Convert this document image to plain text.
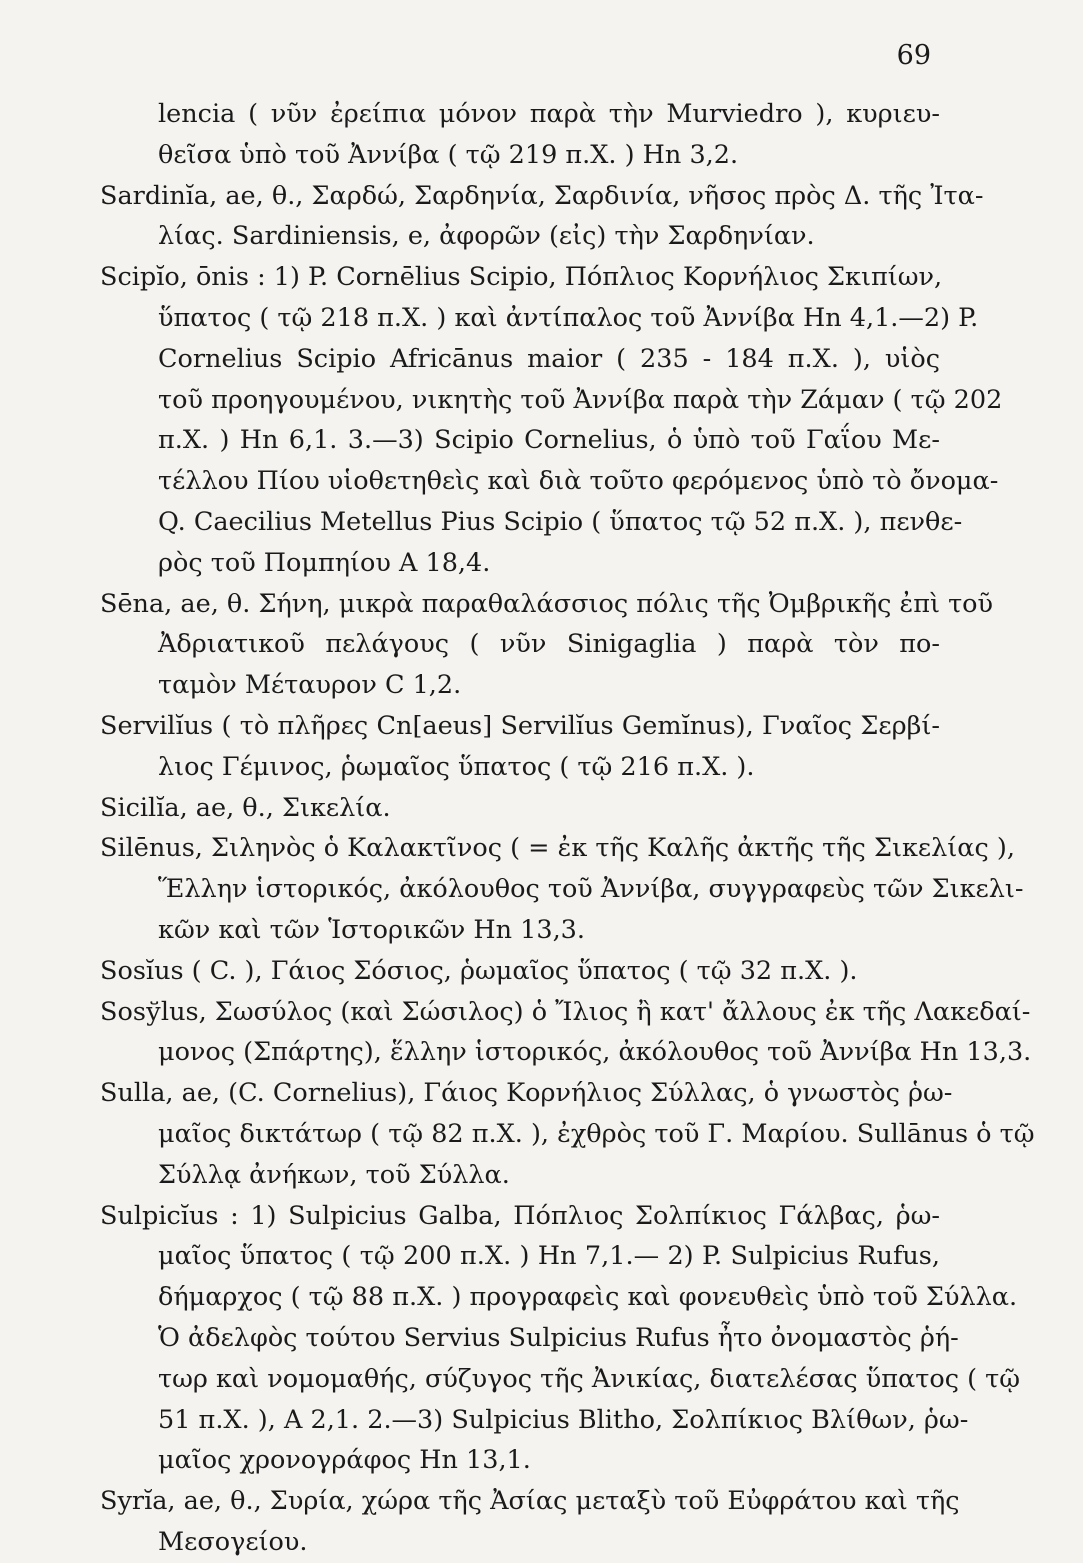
69
lencia ( νῦν ἐρείπια μόνον παρὰ τὴν Murviedro ), κυριευ-
θεῖσα ὑπὸ τοῦ Ἀννίβα ( τῷ 219 π.Χ. ) Hn 3,2.
Sardinĭa, ae, θ., Σαρδώ, Σαρδηνία, Σαρδινία, νῆσος πρὸς Δ. τῆς Ἰτα-
λίας. Sardiniensis, e, ἀφορῶν (εἰς) τὴν Σαρδηνίαν.
Scipĭo, ōnis : 1) P. Cornēlius Scipio, Πόπλιος Κορνήλιος Σκιπίων,
ὕπατος ( τῷ 218 π.Χ. ) καὶ ἀντίπαλος τοῦ Ἀννίβα Hn 4,1.—2) P.
Cornelius Scipio Africānus maior ( 235 - 184 π.Χ. ), υἱὸς
τοῦ προηγουμένου, νικητὴς τοῦ Ἀννίβα παρὰ τὴν Ζάμαν ( τῷ 202
π.Χ. ) Hn 6,1. 3.—3) Scipio Cornelius, ὁ ὑπὸ τοῦ Γαΐου Με-
τέλλου Πίου υἱοθετηθεὶς καὶ διὰ τοῦτο φερόμενος ὑπὸ τὸ ὄνομα-
Q. Caecilius Metellus Pius Scipio ( ὕπατος τῷ 52 π.Χ. ), πενθε-
ρὸς τοῦ Πομπηίου A 18,4.
Sēna, ae, θ. Σήνη, μικρὰ παραθαλάσσιος πόλις τῆς Ὀμβρικῆς ἐπὶ τοῦ
Ἀδριατικοῦ πελάγους ( νῦν Sinigaglia ) παρὰ τὸν πο-
ταμὸν Μέταυρον C 1,2.
Servilĭus ( τὸ πλῆρες Cn[aeus] Servilĭus Gemĭnus), Γναῖος Σερβί-
λιος Γέμινος, ῥωμαῖος ὕπατος ( τῷ 216 π.Χ. ).
Sicilĭa, ae, θ., Σικελία.
Silēnus, Σιληνὸς ὁ Καλακτῖνος ( = ἐκ τῆς Καλῆς ἀκτῆς τῆς Σικελίας ),
Ἕλλην ἱστορικός, ἀκόλουθος τοῦ Ἀννίβα, συγγραφεὺς τῶν Σικελι-
κῶν καὶ τῶν Ἱστορικῶν Hn 13,3.
Sosĭus ( C. ), Γάιος Σόσιος, ῥωμαῖος ὕπατος ( τῷ 32 π.Χ. ).
Sosўlus, Σωσύλος (καὶ Σώσιλος) ὁ Ἴλιος ἢ κατ' ἄλλους ἐκ τῆς Λακεδαί-
μονος (Σπάρτης), ἕλλην ἱστορικός, ἀκόλουθος τοῦ Ἀννίβα Hn 13,3.
Sulla, ae, (C. Cornelius), Γάιος Κορνήλιος Σύλλας, ὁ γνωστὸς ῥω-
μαῖος δικτάτωρ ( τῷ 82 π.Χ. ), ἐχθρὸς τοῦ Γ. Μαρίου. Sullānus ὁ τῷ
Σύλλᾳ ἀνήκων, τοῦ Σύλλα.
Sulpicĭus : 1) Sulpicius Galba, Πόπλιος Σολπίκιος Γάλβας, ῥω-
μαῖος ὕπατος ( τῷ 200 π.Χ. ) Hn 7,1.— 2) P. Sulpicius Rufus,
δήμαρχος ( τῷ 88 π.Χ. ) προγραφεὶς καὶ φονευθεὶς ὑπὸ τοῦ Σύλλα.
Ὁ ἀδελφὸς τούτου Servius Sulpicius Rufus ἦτο ὀνομαστὸς ῥή-
τωρ καὶ νομομαθής, σύζυγος τῆς Ἀνικίας, διατελέσας ὕπατος ( τῷ
51 π.Χ. ), A 2,1. 2.—3) Sulpicius Blitho, Σολπίκιος Βλίθων, ῥω-
μαῖος χρονογράφος Hn 13,1.
Syrĭa, ae, θ., Συρία, χώρα τῆς Ἀσίας μεταξὺ τοῦ Εὐφράτου καὶ τῆς
Μεσογείου.
